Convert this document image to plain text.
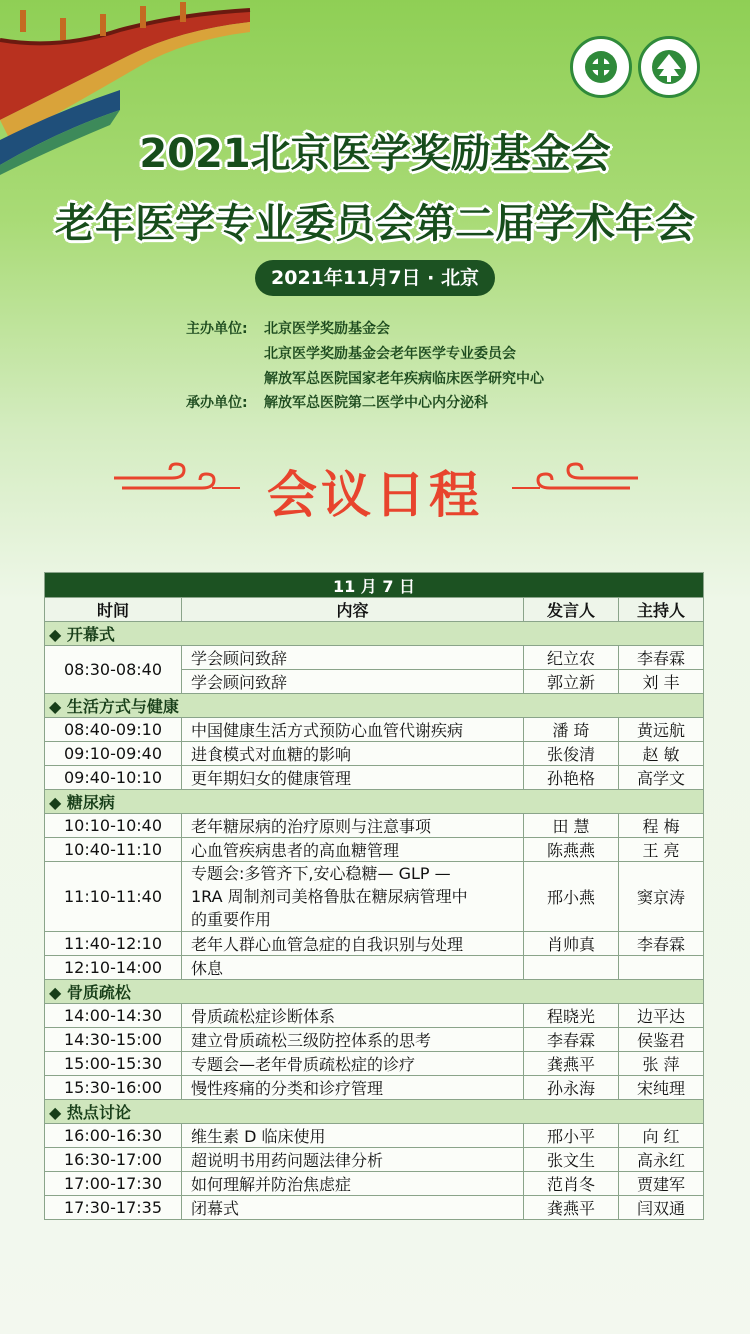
2021北京医学奖励基金会
老年医学专业委员会第二届学术年会
2021年11月7日 · 北京
主办单位: 北京医学奖励基金会
北京医学奖励基金会老年医学专业委员会
解放军总医院国家老年疾病临床医学研究中心
承办单位: 解放军总医院第二医学中心内分泌科
会议日程
11 月 7 日			
时间	内容	发言人	主持人
◆ 开幕式			
08:30-08:40	学会顾问致辞	纪立农	李春霖
	学会顾问致辞	郭立新	刘 丰
◆ 生活方式与健康			
08:40-09:10	中国健康生活方式预防心血管代谢疾病	潘 琦	黄远航
09:10-09:40	进食模式对血糖的影响	张俊清	赵 敏
09:40-10:10	更年期妇女的健康管理	孙艳格	高学文
◆ 糖尿病			
10:10-10:40	老年糖尿病的治疗原则与注意事项	田 慧	程 梅
10:40-11:10	心血管疾病患者的高血糖管理	陈燕燕	王 亮
11:10-11:40	专题会:多管齐下,安心稳糖— GLP —
1RA 周制剂司美格鲁肽在糖尿病管理中
的重要作用	邢小燕	窦京涛
11:40-12:10	老年人群心血管急症的自我识别与处理	肖帅真	李春霖
12:10-14:00	休息		
◆ 骨质疏松			
14:00-14:30	骨质疏松症诊断体系	程晓光	边平达
14:30-15:00	建立骨质疏松三级防控体系的思考	李春霖	侯鉴君
15:00-15:30	专题会—老年骨质疏松症的诊疗	龚燕平	张 萍
15:30-16:00	慢性疼痛的分类和诊疗管理	孙永海	宋纯理
◆ 热点讨论			
16:00-16:30	维生素 D 临床使用	邢小平	向 红
16:30-17:00	超说明书用药问题法律分析	张文生	高永红
17:00-17:30	如何理解并防治焦虑症	范肖冬	贾建军
17:30-17:35	闭幕式	龚燕平	闫双通
